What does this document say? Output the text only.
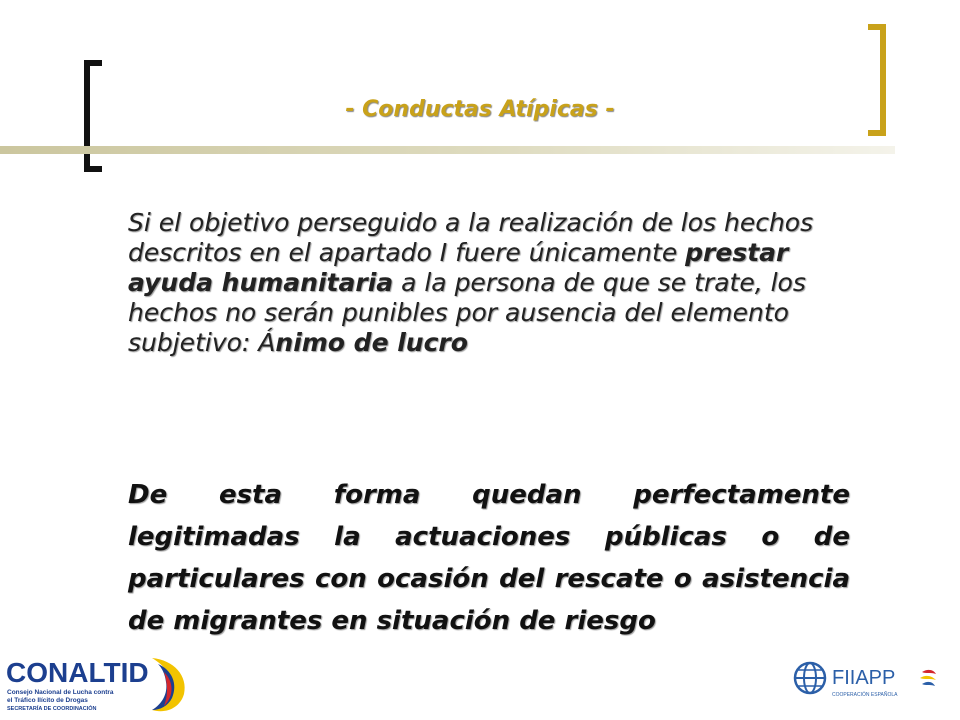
- Conductas Atípicas -
Si el objetivo perseguido a la realización de los hechos descritos en el apartado I fuere únicamente prestar ayuda humanitaria a la persona de que se trate, los hechos no serán punibles por ausencia del elemento subjetivo: Ánimo de lucro
De esta forma quedan perfectamente legitimadas la actuaciones públicas o de particulares con ocasión del rescate o asistencia de migrantes en situación de riesgo
CONALTID
Consejo Nacional de Lucha contra
el Tráfico Ilícito de Drogas
SECRETARÍA DE COORDINACIÓN
FIIAPP
COOPERACIÓN ESPAÑOLA
